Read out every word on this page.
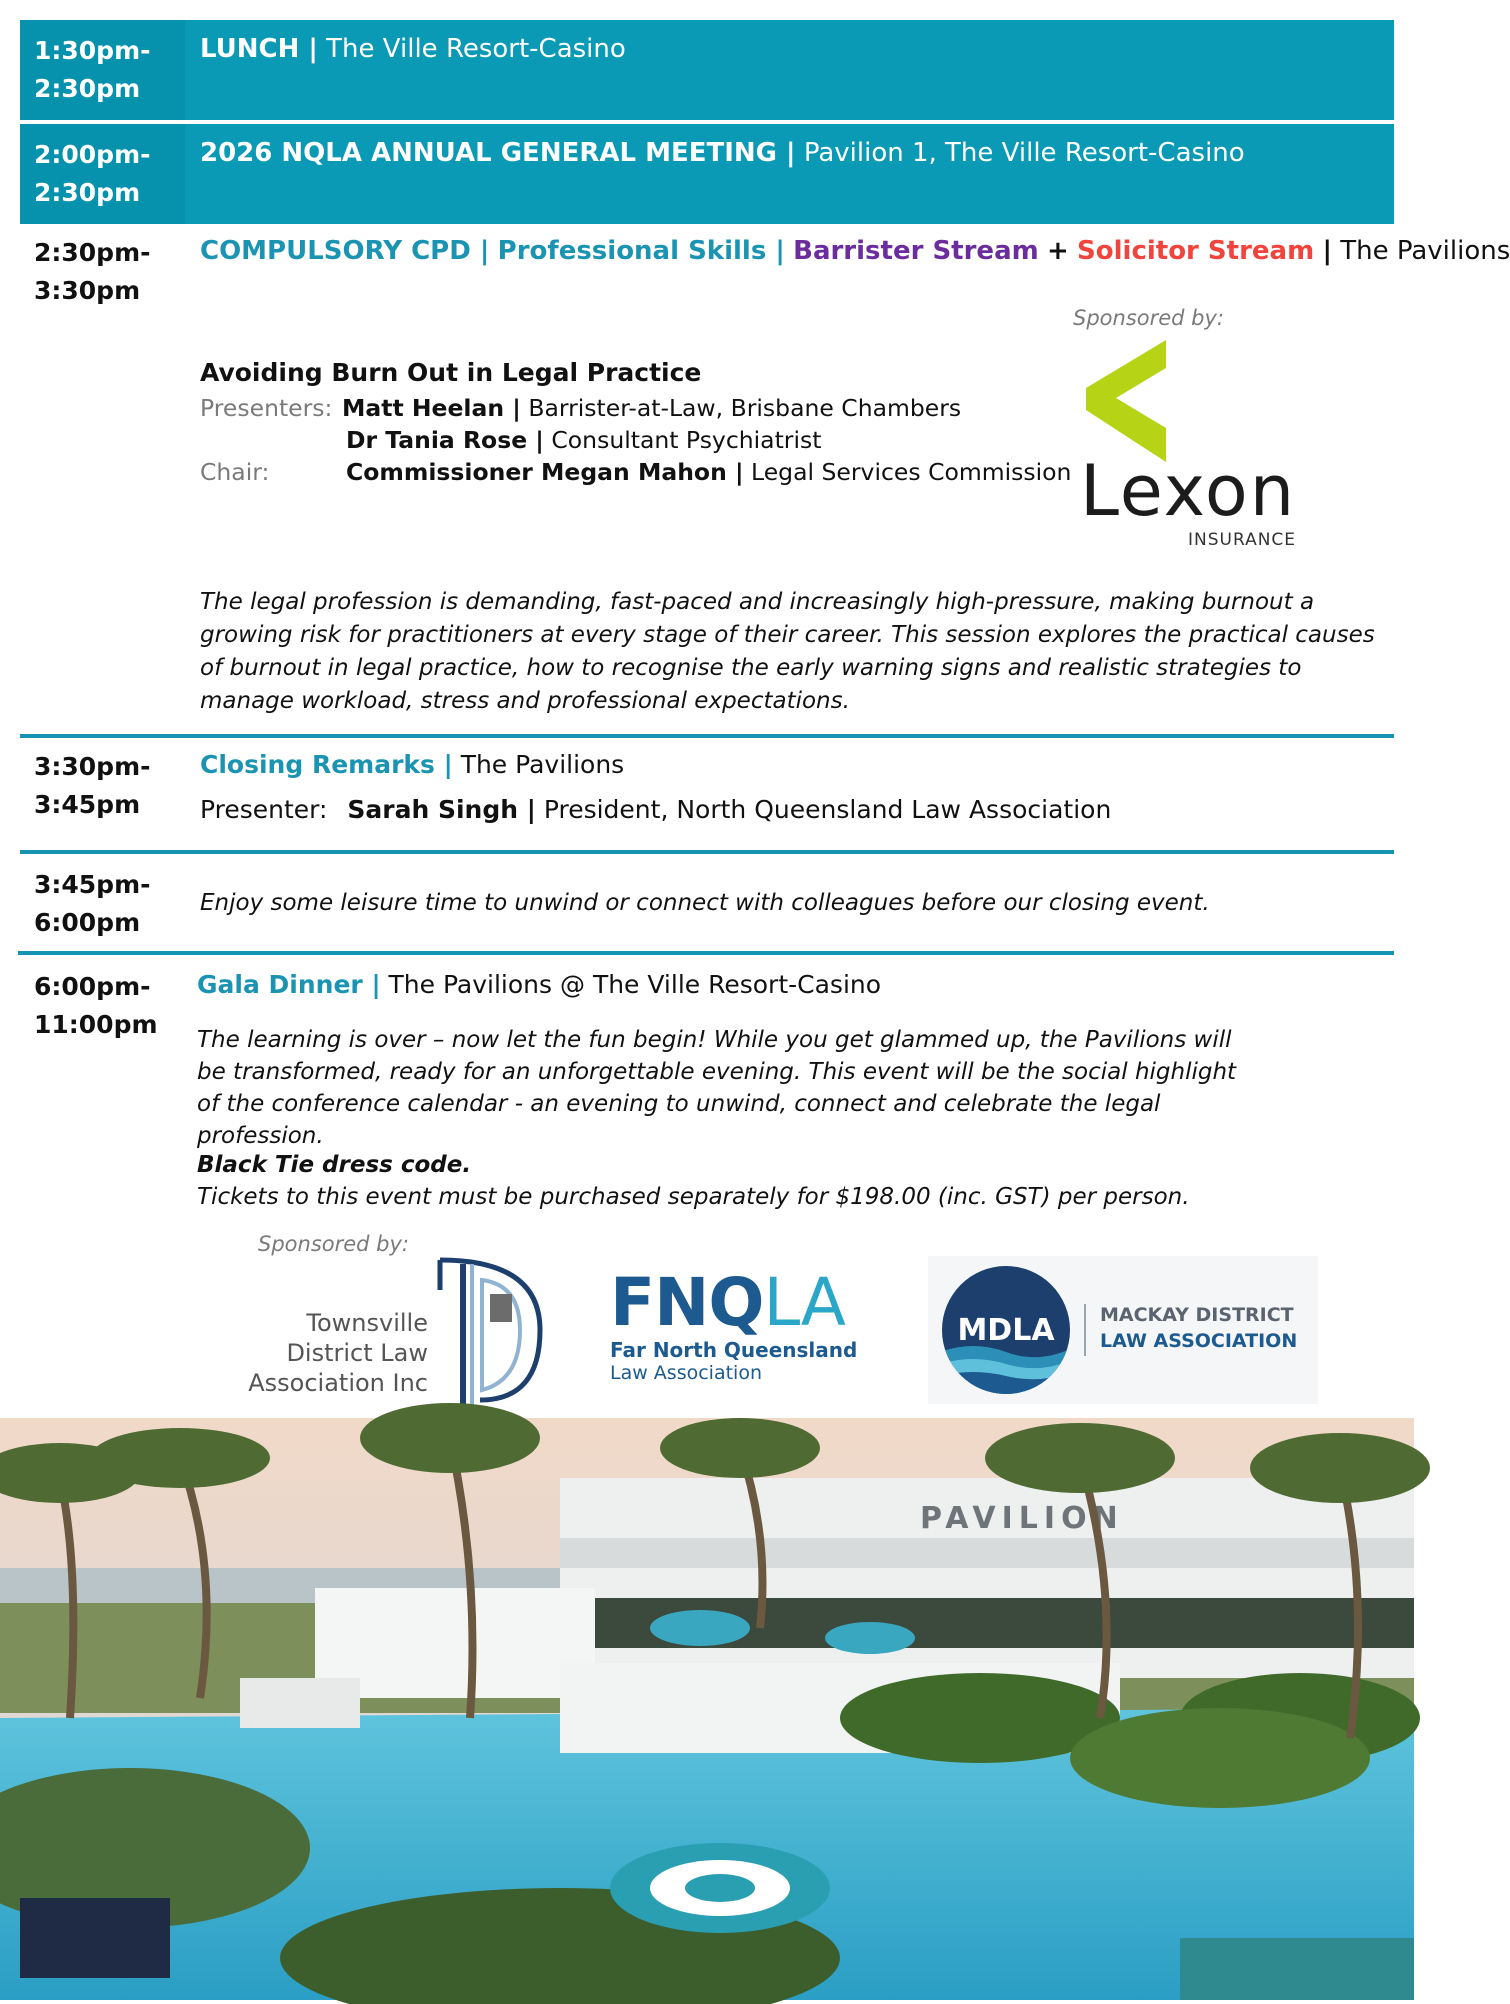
1:30pm-
2:30pm
LUNCH | The Ville Resort-Casino
2:00pm-
2:30pm
2026 NQLA ANNUAL GENERAL MEETING | Pavilion 1, The Ville Resort-Casino
2:30pm-
3:30pm
COMPULSORY CPD | Professional Skills | Barrister Stream + Solicitor Stream | The Pavilions
Sponsored by:
Avoiding Burn Out in Legal Practice
Presenters: Matt Heelan | Barrister-at-Law, Brisbane Chambers
Dr Tania Rose | Consultant Psychiatrist
Chair:	Commissioner Megan Mahon | Legal Services Commission Lexon
INSURANCE
The legal profession is demanding, fast-paced and increasingly high-pressure, making burnout a growing risk for practitioners at every stage of their career. This session explores the practical causes of burnout in legal practice, how to recognise the early warning signs and realistic strategies to manage workload, stress and professional expectations.
3:30pm-
3:45pm
Closing Remarks | The Pavilions
Presenter: Sarah Singh | President, North Queensland Law Association
3:45pm-
6:00pm
Enjoy some leisure time to unwind or connect with colleagues before our closing event.
6:00pm-
11:00pm
Gala Dinner | The Pavilions @ The Ville Resort-Casino
The learning is over – now let the fun begin! While you get glammed up, the Pavilions will be transformed, ready for an unforgettable evening. This event will be the social highlight of the conference calendar - an evening to unwind, connect and celebrate the legal profession.
Black Tie dress code.
Tickets to this event must be purchased separately for $198.00 (inc. GST) per person.
Sponsored by:
Townsville
District Law
Association Inc
FNQLA
Far North Queensland
Law Association
MDLA MACKAY DISTRICT
LAW ASSOCIATION
PAVILION
